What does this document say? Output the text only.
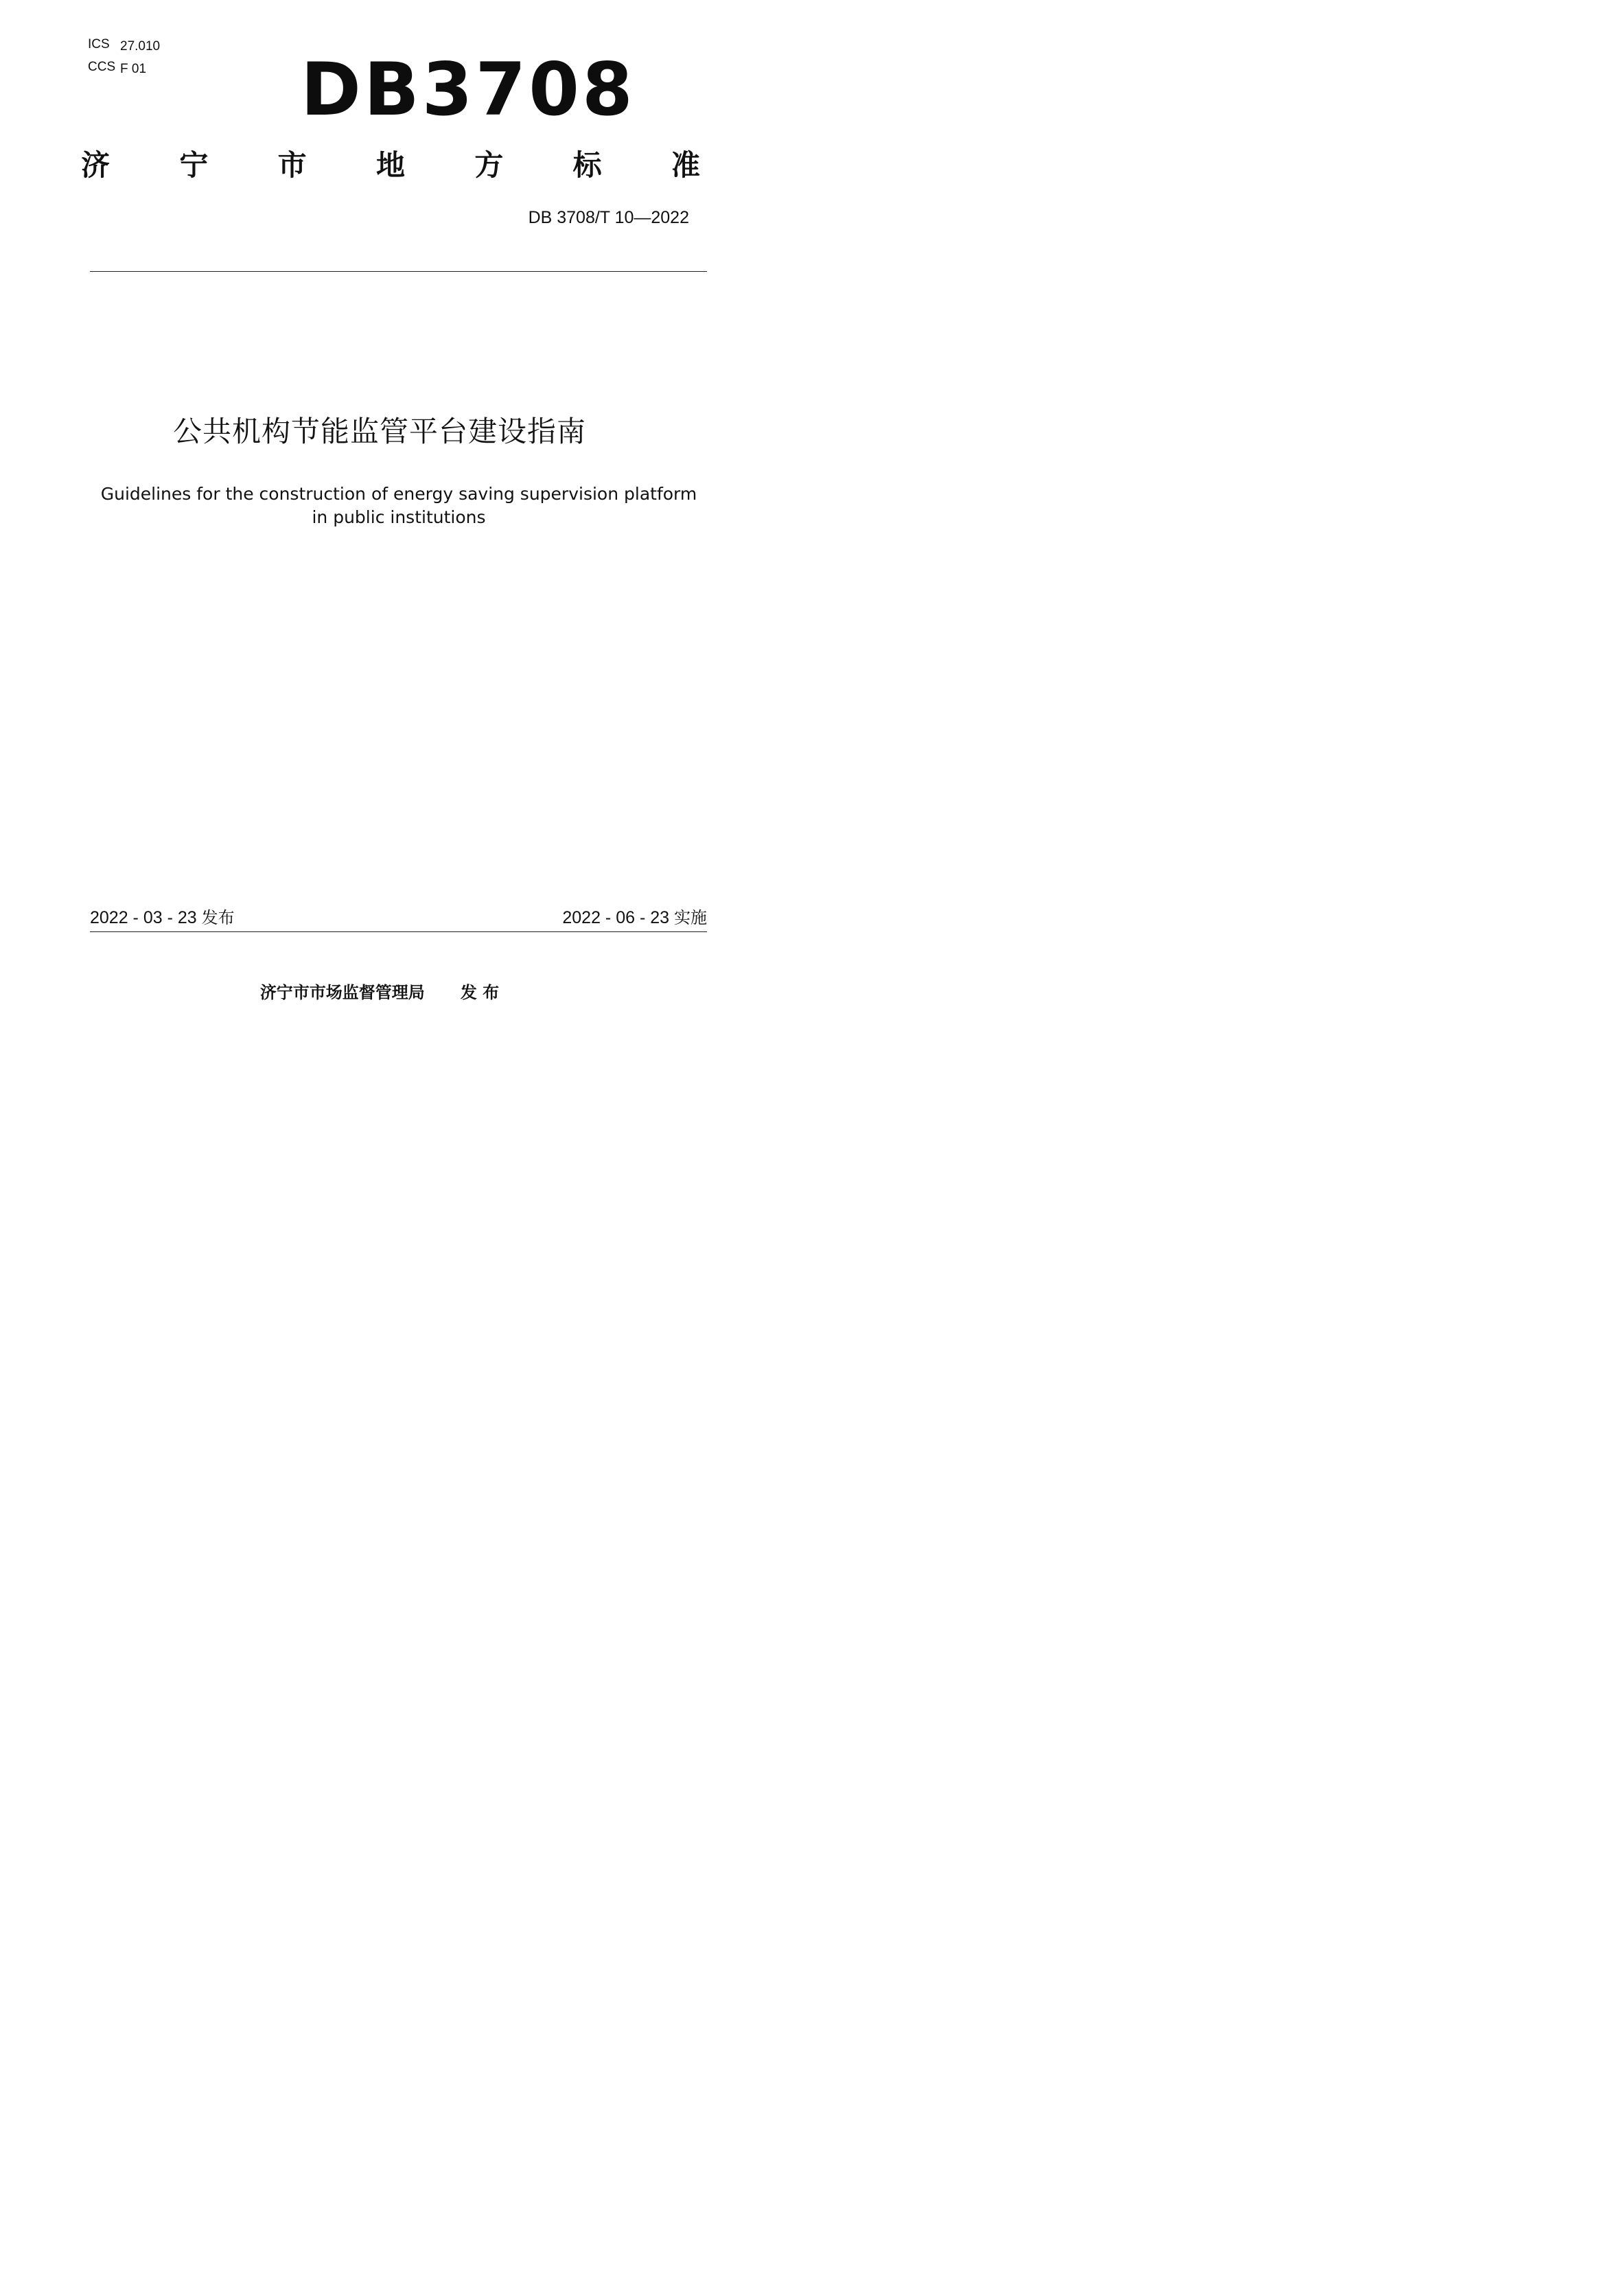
ICS 27.010
CCS F 01 DB3708
济 宁 市 地 方 标 准
DB 3708/T 10—2022
公共机构节能监管平台建设指南
Guidelines for the construction of energy saving supervision platform
in public institutions
2022 - 03 - 23 发布	2022 - 06 - 23 实施
济宁市市场监督管理局 发 布
